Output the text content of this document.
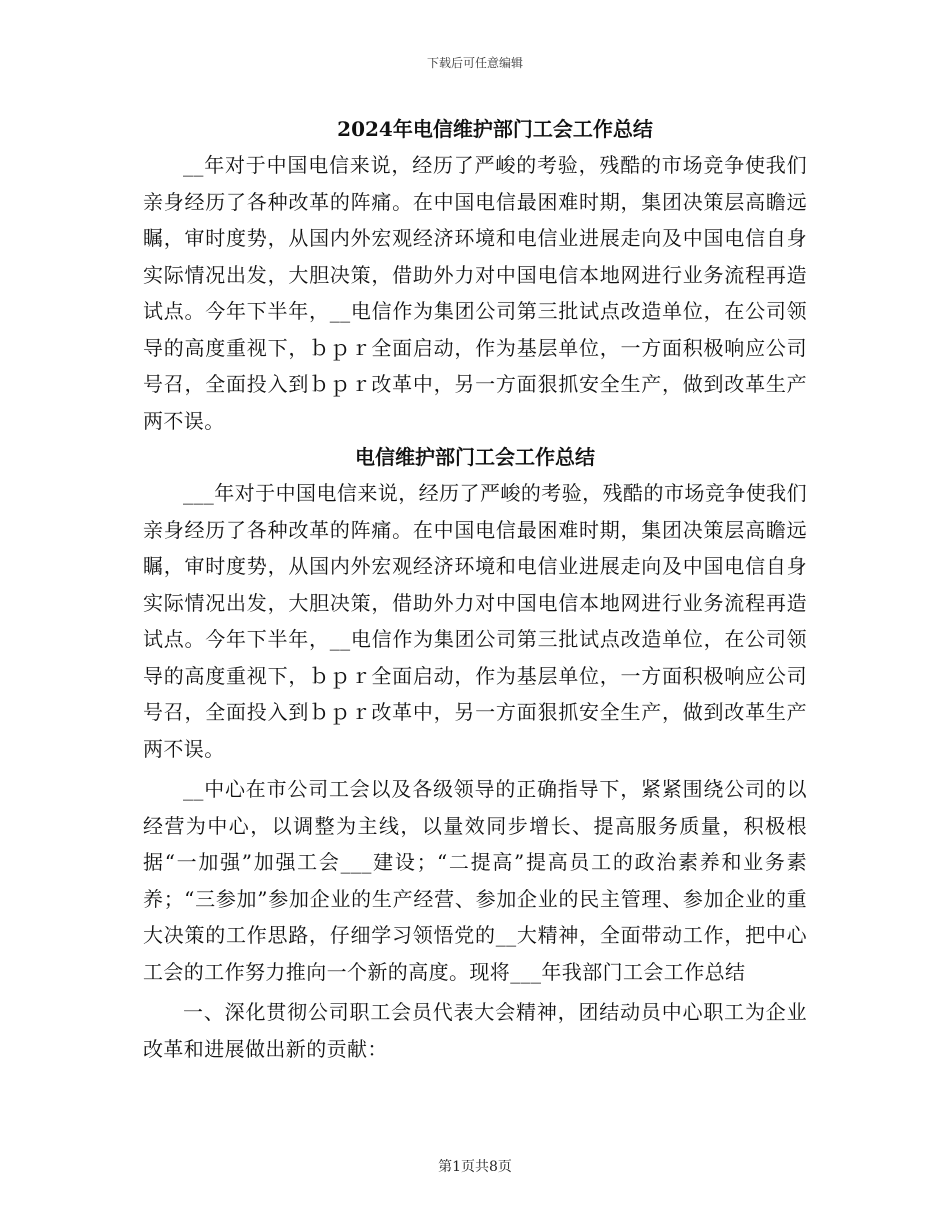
下载后可任意编辑
2024年电信维护部门工会工作总结

__年对于中国电信来说，经历了严峻的考验，残酷的市场竞争使我们亲身经历了各种改革的阵痛。在中国电信最困难时期，集团决策层高瞻远瞩，审时度势，从国内外宏观经济环境和电信业进展走向及中国电信自身实际情况出发，大胆决策，借助外力对中国电信本地网进行业务流程再造试点。今年下半年，__电信作为集团公司第三批试点改造单位，在公司领导的高度重视下，ｂｐｒ全面启动，作为基层单位，一方面积极响应公司号召，全面投入到ｂｐｒ改革中，另一方面狠抓安全生产，做到改革生产两不误。

电信维护部门工会工作总结

___年对于中国电信来说，经历了严峻的考验，残酷的市场竞争使我们亲身经历了各种改革的阵痛。在中国电信最困难时期，集团决策层高瞻远瞩，审时度势，从国内外宏观经济环境和电信业进展走向及中国电信自身实际情况出发，大胆决策，借助外力对中国电信本地网进行业务流程再造试点。今年下半年，__电信作为集团公司第三批试点改造单位，在公司领导的高度重视下，ｂｐｒ全面启动，作为基层单位，一方面积极响应公司号召，全面投入到ｂｐｒ改革中，另一方面狠抓安全生产，做到改革生产两不误。

__中心在市公司工会以及各级领导的正确指导下，紧紧围绕公司的以经营为中心，以调整为主线，以量效同步增长、提高服务质量，积极根据“一加强”加强工会___建设；“二提高”提高员工的政治素养和业务素养；“三参加”参加企业的生产经营、参加企业的民主管理、参加企业的重大决策的工作思路，仔细学习领悟党的__大精神，全面带动工作，把中心工会的工作努力推向一个新的高度。现将___年我部门工会工作总结

一、深化贯彻公司职工会员代表大会精神，团结动员中心职工为企业改革和进展做出新的贡献：

第1页共8页
